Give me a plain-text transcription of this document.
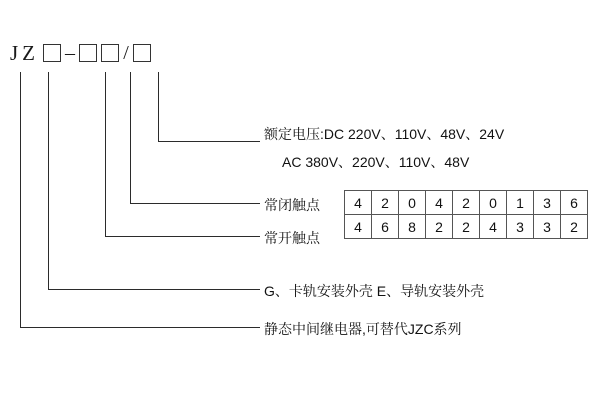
JZ – /
额定电压:DC 220V、110V、48V、24V
AC 380V、220V、110V、48V
常闭触点
常开触点
G、卡轨安装外壳 E、导轨安装外壳
静态中间继电器,可替代JZC系列
4	2	0	4	2	0	1	3	6
4	6	8	2	2	4	3	3	2
